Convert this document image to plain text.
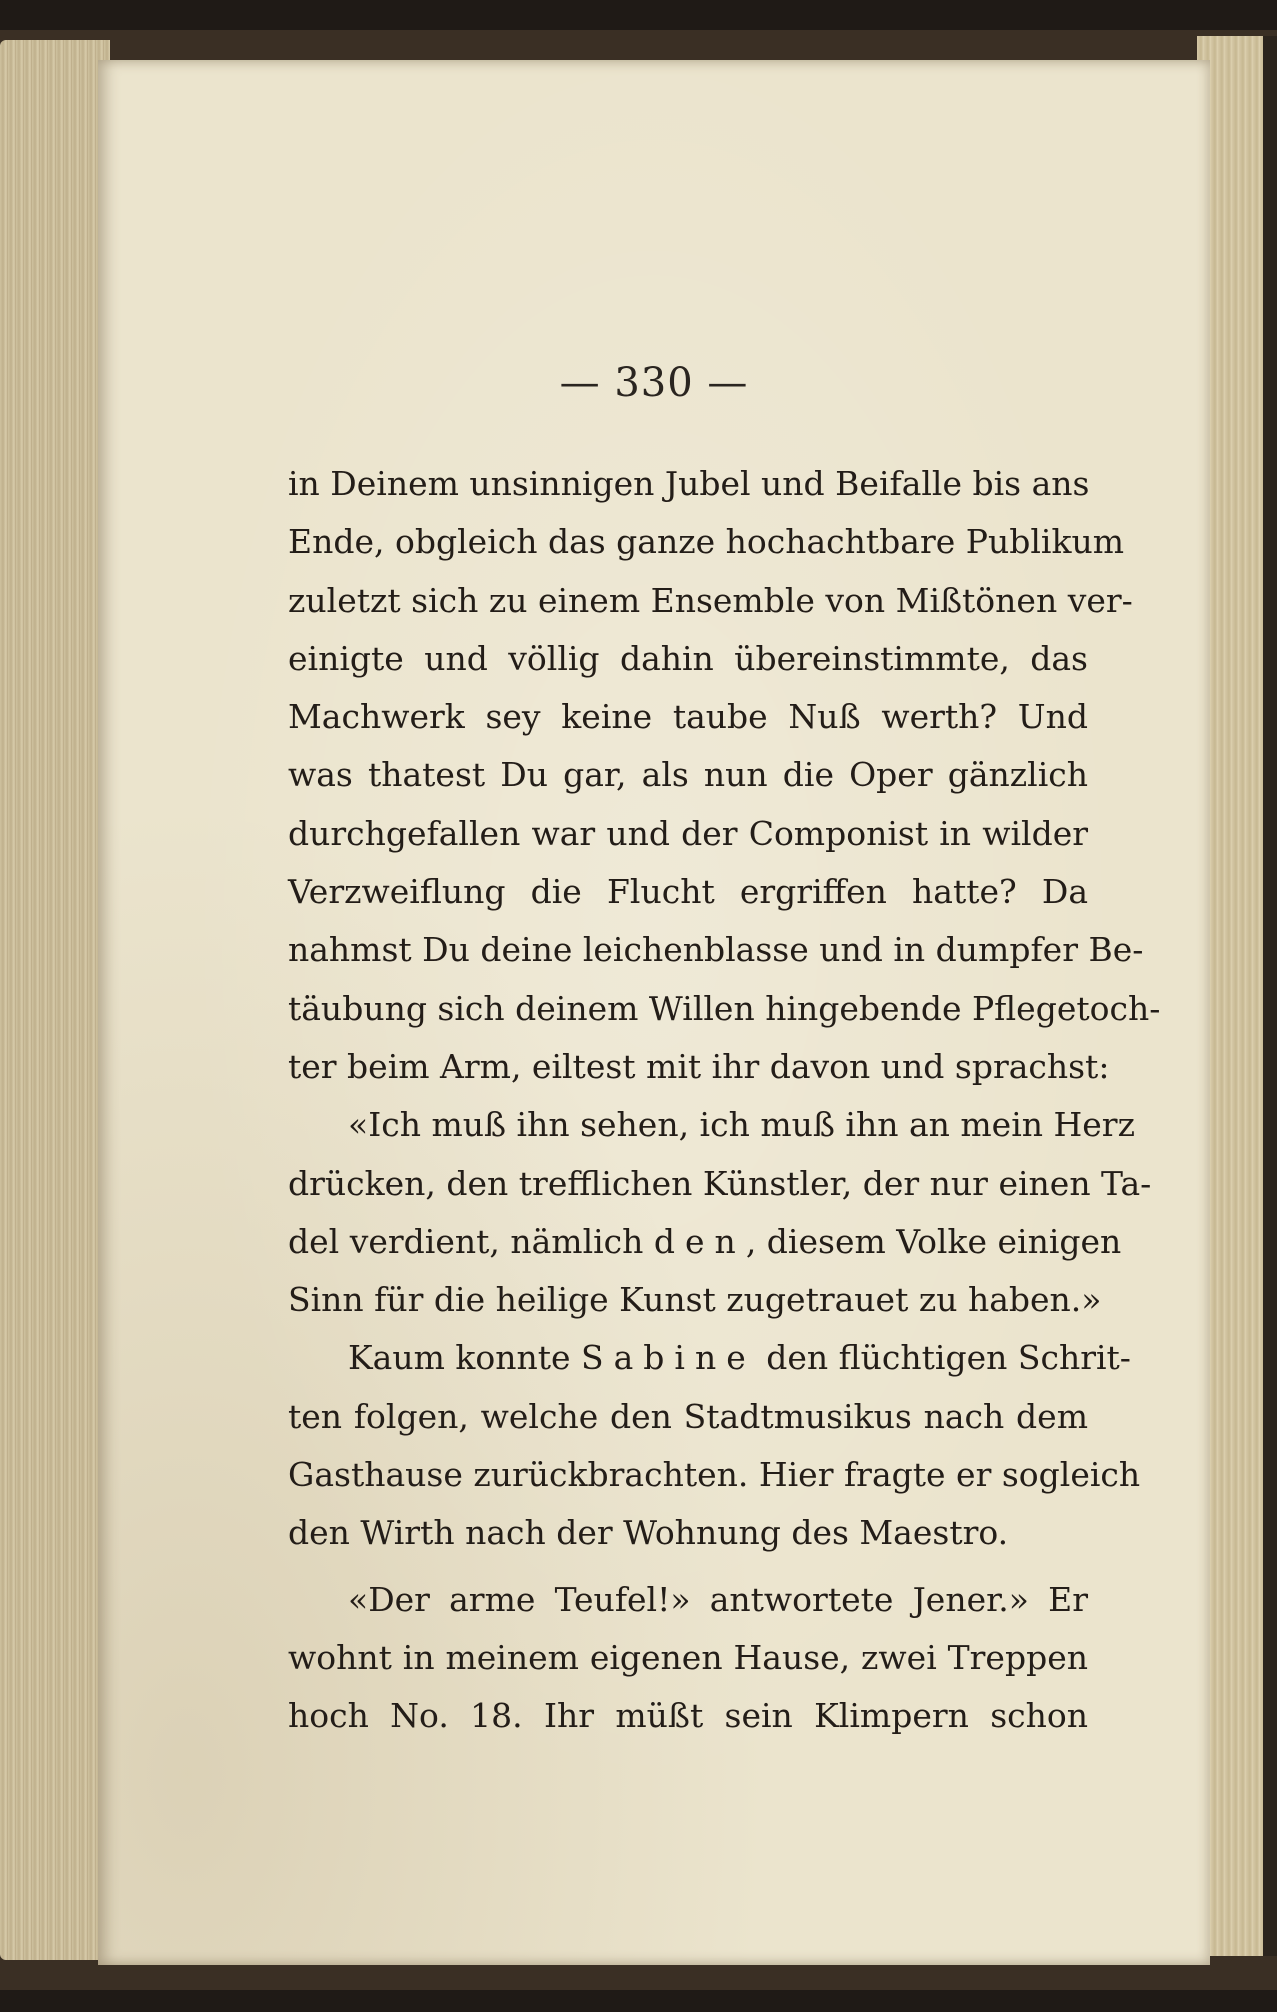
— 330 —
in Deinem unsinnigen Jubel und Beifalle bis ans
Ende, obgleich das ganze hochachtbare Publikum
zuletzt sich zu einem Ensemble von Mißtönen ver-
einigte und völlig dahin übereinstimmte, das
Machwerk sey keine taube Nuß werth? Und
was thatest Du gar, als nun die Oper gänzlich
durchgefallen war und der Componist in wilder
Verzweiflung die Flucht ergriffen hatte? Da
nahmst Du deine leichenblasse und in dumpfer Be-
täubung sich deinem Willen hingebende Pflegetoch-
ter beim Arm, eiltest mit ihr davon und sprachst:
«Ich muß ihn sehen, ich muß ihn an mein Herz
drücken, den trefflichen Künstler, der nur einen Ta-
del verdient, nämlich den, diesem Volke einigen
Sinn für die heilige Kunst zugetrauet zu haben.»
Kaum konnte Sabine den flüchtigen Schrit-
ten folgen, welche den Stadtmusikus nach dem
Gasthause zurückbrachten. Hier fragte er sogleich
den Wirth nach der Wohnung des Maestro.
«Der arme Teufel!» antwortete Jener.» Er
wohnt in meinem eigenen Hause, zwei Treppen
hoch No. 18. Ihr müßt sein Klimpern schon
